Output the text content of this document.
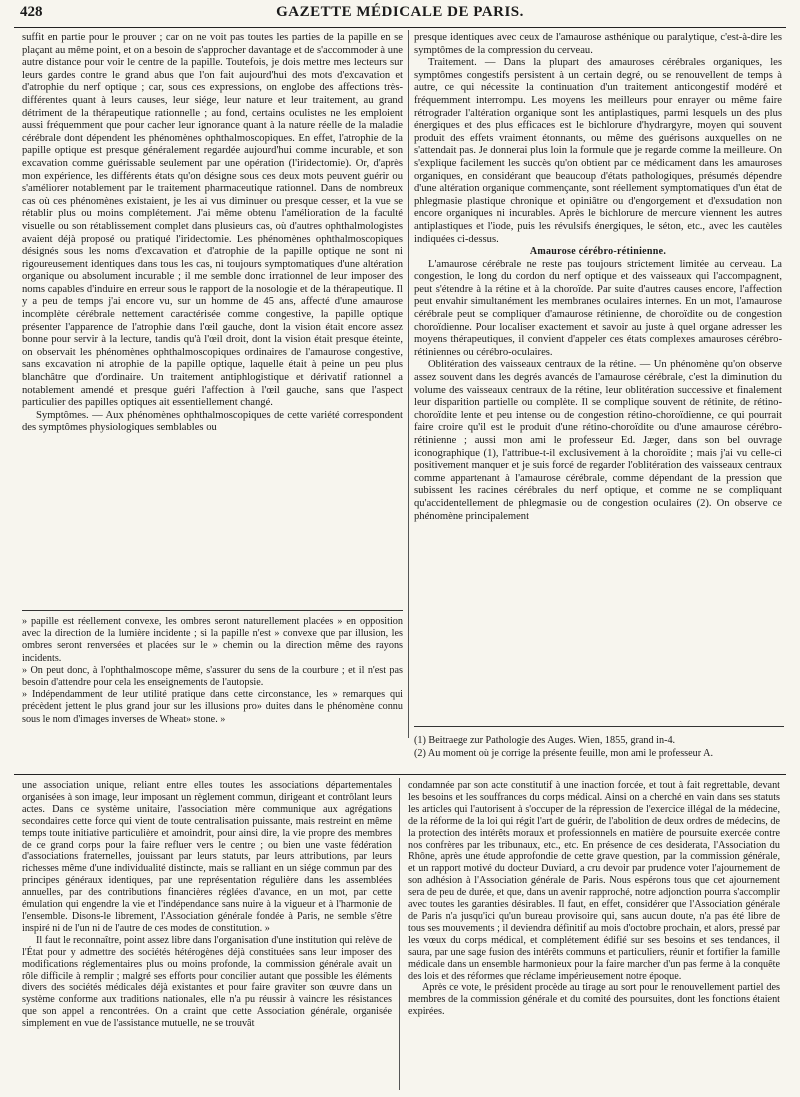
428	GAZETTE MÉDICALE DE PARIS.

suffit en partie pour le prouver ; car on ne voit pas toutes les parties de la papille en se plaçant au même point, et on a besoin de s'approcher davantage et de s'accommoder à une autre distance pour voir le centre de la papille. Toutefois, je dois mettre mes lecteurs sur leurs gardes contre le grand abus que l'on fait aujourd'hui des mots d'excavation et d'atrophie du nerf optique ; car, sous ces expressions, on englobe des affections très-différentes quant à leurs causes, leur siége, leur nature et leur traitement, au grand détriment de la thérapeutique rationnelle ; au fond, certains oculistes ne les emploient aussi fréquemment que pour cacher leur ignorance quant à la nature réelle de la maladie cérébrale dont dépendent les phénomènes ophthalmoscopiques. En effet, l'atrophie de la papille optique est presque généralement regardée aujourd'hui comme incurable, et son excavation comme guérissable seulement par une opération (l'iridectomie). Or, d'après mon expérience, les différents états qu'on désigne sous ces deux mots peuvent guérir ou s'améliorer notablement par le traitement pharmaceutique rationnel. Dans de nombreux cas où ces phénomènes existaient, je les ai vus diminuer ou presque cesser, et la vue se rétablir plus ou moins complétement. J'ai même obtenu l'amélioration de la faculté visuelle ou son rétablissement complet dans plusieurs cas, où d'autres ophthalmologistes avaient déjà proposé ou pratiqué l'iridectomie. Les phénomènes ophthalmoscopiques désignés sous les noms d'excavation et d'atrophie de la papille optique ne sont ni rigoureusement identiques dans tous les cas, ni toujours symptomatiques d'une altération organique ou absolument incurable ; il me semble donc irrationnel de leur imposer des noms capables d'induire en erreur sous le rapport de la nosologie et de la thérapeutique. Il y a peu de temps j'ai encore vu, sur un homme de 45 ans, affecté d'une amaurose incomplète cérébrale nettement caractérisée comme congestive, la papille optique présenter l'apparence de l'atrophie dans l'œil gauche, dont la vision était encore assez bonne pour servir à la lecture, tandis qu'à l'œil droit, dont la vision était presque éteinte, on observait les phénomènes ophthalmoscopiques ordinaires de l'amaurose congestive, sans excavation ni atrophie de la papille optique, laquelle était à peine un peu plus blanchâtre que d'ordinaire. Un traitement antiphlogistique et dérivatif rationnel a notablement amendé et presque guéri l'affection à l'œil gauche, sans que l'aspect particulier des papilles optiques ait essentiellement changé.

Symptômes. — Aux phénomènes ophthalmoscopiques de cette variété correspondent des symptômes physiologiques semblables ou

» papille est réellement convexe, les ombres seront naturellement placées » en opposition avec la direction de la lumière incidente ; si la papille n'est » convexe que par illusion, les ombres seront renversées et placées sur le » chemin ou la direction même des rayons incidents.

» On peut donc, à l'ophthalmoscope même, s'assurer du sens de la courbure ; et il n'est pas besoin d'attendre pour cela les enseignements de l'autopsie.

» Indépendamment de leur utilité pratique dans cette circonstance, les » remarques qui précèdent jettent le plus grand jour sur les illusions pro» duites dans le phénomène connu sous le nom d'images inverses de Wheat» stone. »

presque identiques avec ceux de l'amaurose asthénique ou paralytique, c'est-à-dire les symptômes de la compression du cerveau.

Traitement. — Dans la plupart des amauroses cérébrales organiques, les symptômes congestifs persistent à un certain degré, ou se renouvellent de temps à autre, ce qui nécessite la continuation d'un traitement anticongestif modéré et fréquemment interrompu. Les moyens les meilleurs pour enrayer ou même faire rétrograder l'altération organique sont les antiplastiques, parmi lesquels un des plus énergiques et des plus efficaces est le bichlorure d'hydrargyre, moyen qui souvent produit des effets vraiment étonnants, ou même des guérisons auxquelles on ne s'attendait pas. Je donnerai plus loin la formule que je regarde comme la meilleure. On s'explique facilement les succès qu'on obtient par ce médicament dans les amauroses organiques, en considérant que beaucoup d'états pathologiques, présumés dépendre d'une altération organique commençante, sont réellement symptomatiques d'un état de phlegmasie plastique chronique et opiniâtre ou d'engorgement et d'exsudation non encore organiques ni incurables. Après le bichlorure de mercure viennent les autres antiplastiques et l'iode, puis les révulsifs énergiques, le séton, etc., avec les cautèles indiquées ci-dessus.

Amaurose cérébro-rétinienne.

L'amaurose cérébrale ne reste pas toujours strictement limitée au cerveau. La congestion, le long du cordon du nerf optique et des vaisseaux qui l'accompagnent, peut s'étendre à la rétine et à la choroïde. Par suite d'autres causes encore, l'affection peut envahir simultanément les membranes oculaires internes. En un mot, l'amaurose cérébrale peut se compliquer d'amaurose rétinienne, de choroïdite ou de congestion choroïdienne. Pour localiser exactement et savoir au juste à quel organe adresser les moyens thérapeutiques, il convient d'appeler ces états complexes amauroses cérébro-rétiniennes ou cérébro-oculaires.

Oblitération des vaisseaux centraux de la rétine. — Un phénomène qu'on observe assez souvent dans les degrés avancés de l'amaurose cérébrale, c'est la diminution du volume des vaisseaux centraux de la rétine, leur oblitération successive et finalement leur disparition partielle ou complète. Il se complique souvent de rétinite, de rétino-choroïdite lente et peu intense ou de congestion rétino-choroïdienne, ce qui pourrait faire croire qu'il est le produit d'une rétino-choroïdite ou d'une amaurose cérébro-rétinienne ; aussi mon ami le professeur Ed. Jæger, dans son bel ouvrage iconographique (1), l'attribue-t-il exclusivement à la choroïdite ; mais j'ai vu celle-ci positivement manquer et je suis forcé de regarder l'oblitération des vaisseaux centraux comme appartenant à l'amaurose cérébrale, comme dépendant de la pression que subissent les racines cérébrales du nerf optique, et comme ne se compliquant qu'accidentellement de phlegmasie ou de congestion oculaires (2). On observe ce phénomène principalement

(1) Beitraege zur Pathologie des Auges. Wien, 1855, grand in-4.
(2) Au moment où je corrige la présente feuille, mon ami le professeur A.

une association unique, reliant entre elles toutes les associations départementales organisées à son image, leur imposant un règlement commun, dirigeant et contrôlant leurs actes. Dans ce système unitaire, l'association mère communique aux agrégations secondaires cette force qui vient de toute centralisation puissante, mais restreint en même temps toute initiative particulière et amoindrit, pour ainsi dire, la vie propre des membres de ce grand corps pour la faire refluer vers le centre ; ou bien une vaste fédération d'associations fraternelles, jouissant par leurs statuts, par leurs attributions, par leurs richesses même d'une individualité distincte, mais se ralliant en un siége commun par des principes généraux identiques, par une représentation régulière dans les assemblées annuelles, par des contributions financières réglées d'avance, en un mot, par cette émulation qui engendre la vie et l'indépendance sans nuire à la vigueur et à l'harmonie de l'ensemble. Disons-le librement, l'Association générale fondée à Paris, ne semble s'être inspiré ni de l'un ni de l'autre de ces modes de constitution. »

Il faut le reconnaître, point assez libre dans l'organisation d'une institution qui relève de l'État pour y admettre des sociétés hétérogènes déjà constituées sans leur imposer des modifications réglementaires plus ou moins profonde, la commission générale avait un rôle difficile à remplir ; malgré ses efforts pour concilier autant que possible les éléments divers des sociétés médicales déjà existantes et pour faire graviter son œuvre dans un système conforme aux traditions nationales, elle n'a pu réussir à vaincre les résistances que son appel a rencontrées. On a craint que cette Association générale, organisée simplement en vue de l'assistance mutuelle, ne se trouvât

condamnée par son acte constitutif à une inaction forcée, et tout à fait regrettable, devant les besoins et les souffrances du corps médical. Ainsi on a cherché en vain dans ses statuts les articles qui l'autorisent à s'occuper de la répression de l'exercice illégal de la médecine, de la réforme de la loi qui régit l'art de guérir, de l'abolition de deux ordres de médecins, de la protection des intérêts moraux et professionnels en matière de poursuite exercée contre nos confrères par les tribunaux, etc., etc. En présence de ces desiderata, l'Association du Rhône, après une étude approfondie de cette grave question, par la commission générale, et un rapport motivé du docteur Duviard, a cru devoir par prudence voter l'ajournement de son adhésion à l'Association générale de Paris. Nous espérons tous que cet ajournement sera de peu de durée, et que, dans un avenir rapproché, notre adjonction pourra s'accomplir avec toutes les garanties désirables. Il faut, en effet, considérer que l'Association générale de Paris n'a jusqu'ici qu'un bureau provisoire qui, sans aucun doute, n'a pas été libre de tous ses mouvements ; il deviendra définitif au mois d'octobre prochain, et alors, pressé par les vœux du corps médical, et complétement édifié sur ses besoins et ses tendances, il saura, par une sage fusion des intérêts communs et particuliers, réunir et fortifier la famille médicale dans un ensemble harmonieux pour la faire marcher d'un pas ferme à la conquête des lois et des réformes que réclame impérieusement notre époque.

Après ce vote, le président procède au tirage au sort pour le renouvellement partiel des membres de la commission générale et du comité des poursuites, dont les fonctions étaient expirées.
